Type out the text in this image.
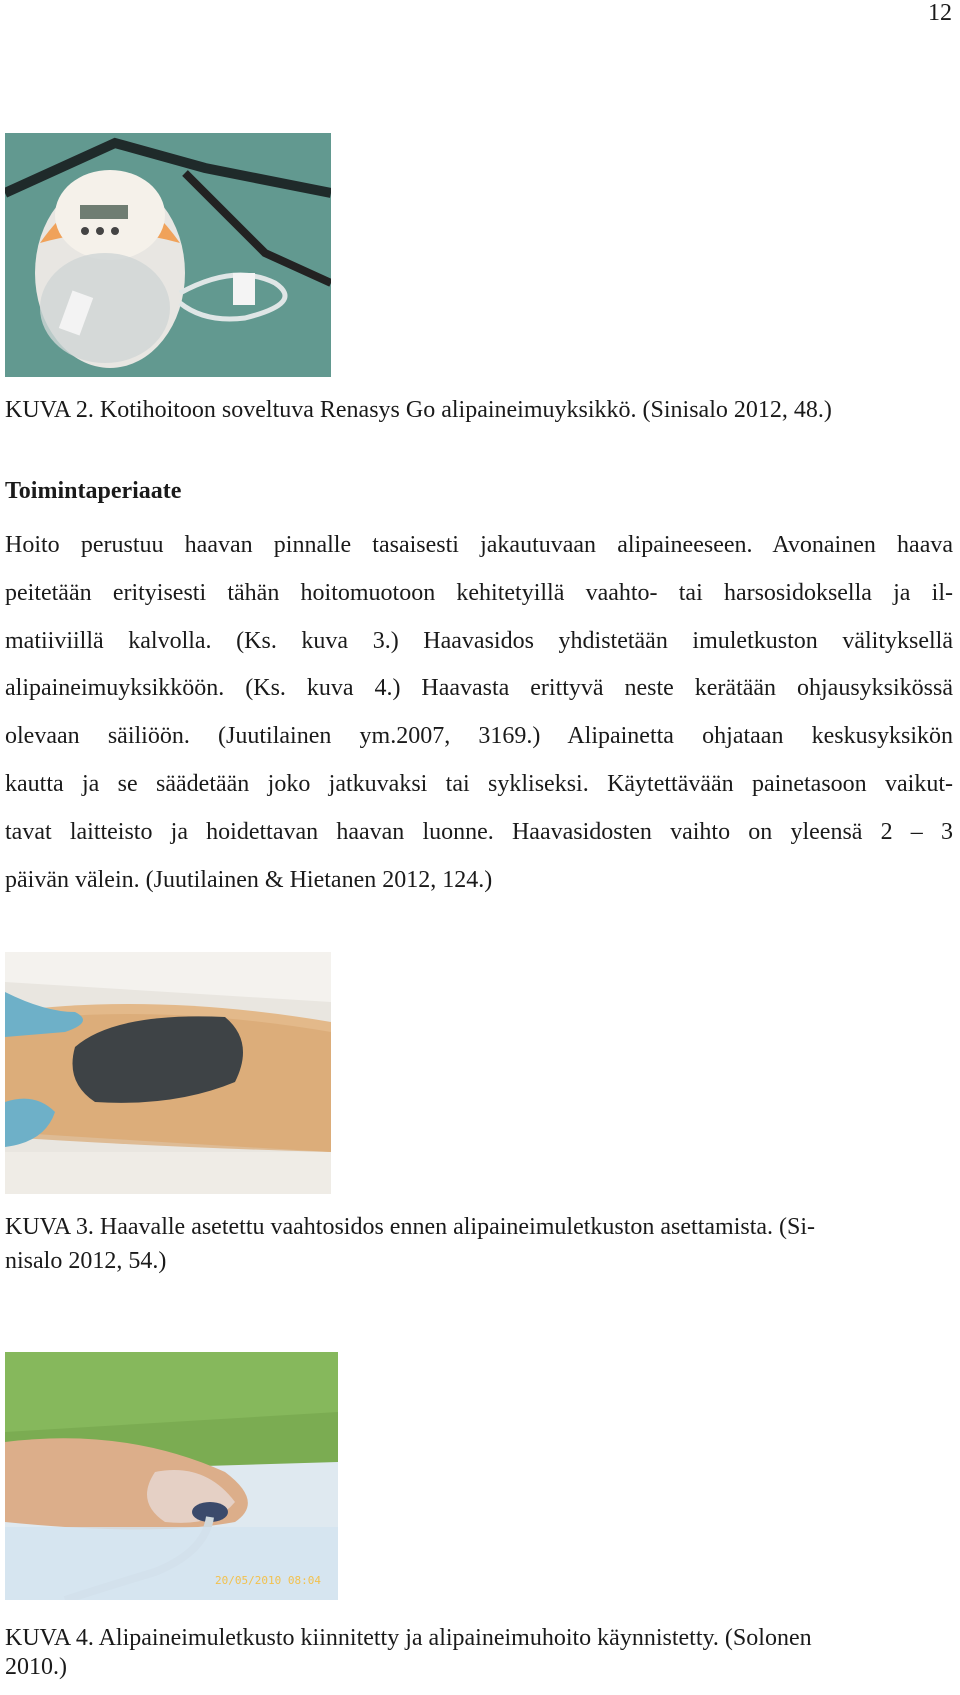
12

KUVA 2. Kotihoitoon soveltuva Renasys Go alipaineimuyksikkö. (Sinisalo 2012, 48.)

Toimintaperiaate

Hoito perustuu haavan pinnalle tasaisesti jakautuvaan alipaineeseen. Avonainen haava
peitetään erityisesti tähän hoitomuotoon kehitetyillä vaahto- tai harsosidoksella ja il-
matiiviillä kalvolla. (Ks. kuva 3.) Haavasidos yhdistetään imuletkuston välityksellä
alipaineimuyksikköön. (Ks. kuva 4.) Haavasta erittyvä neste kerätään ohjausyksikössä
olevaan säiliöön. (Juutilainen ym.2007, 3169.) Alipainetta ohjataan keskusyksikön
kautta ja se säädetään joko jatkuvaksi tai sykliseksi. Käytettävään painetasoon vaikut-
tavat laitteisto ja hoidettavan haavan luonne. Haavasidosten vaihto on yleensä 2 – 3
päivän välein. (Juutilainen & Hietanen 2012, 124.)

KUVA 3. Haavalle asetettu vaahtosidos ennen alipaineimuletkuston asettamista. (Si-
nisalo 2012, 54.)

20/05/2010 08:04

KUVA 4. Alipaineimuletkusto kiinnitetty ja alipaineimuhoito käynnistetty. (Solonen
2010.)
